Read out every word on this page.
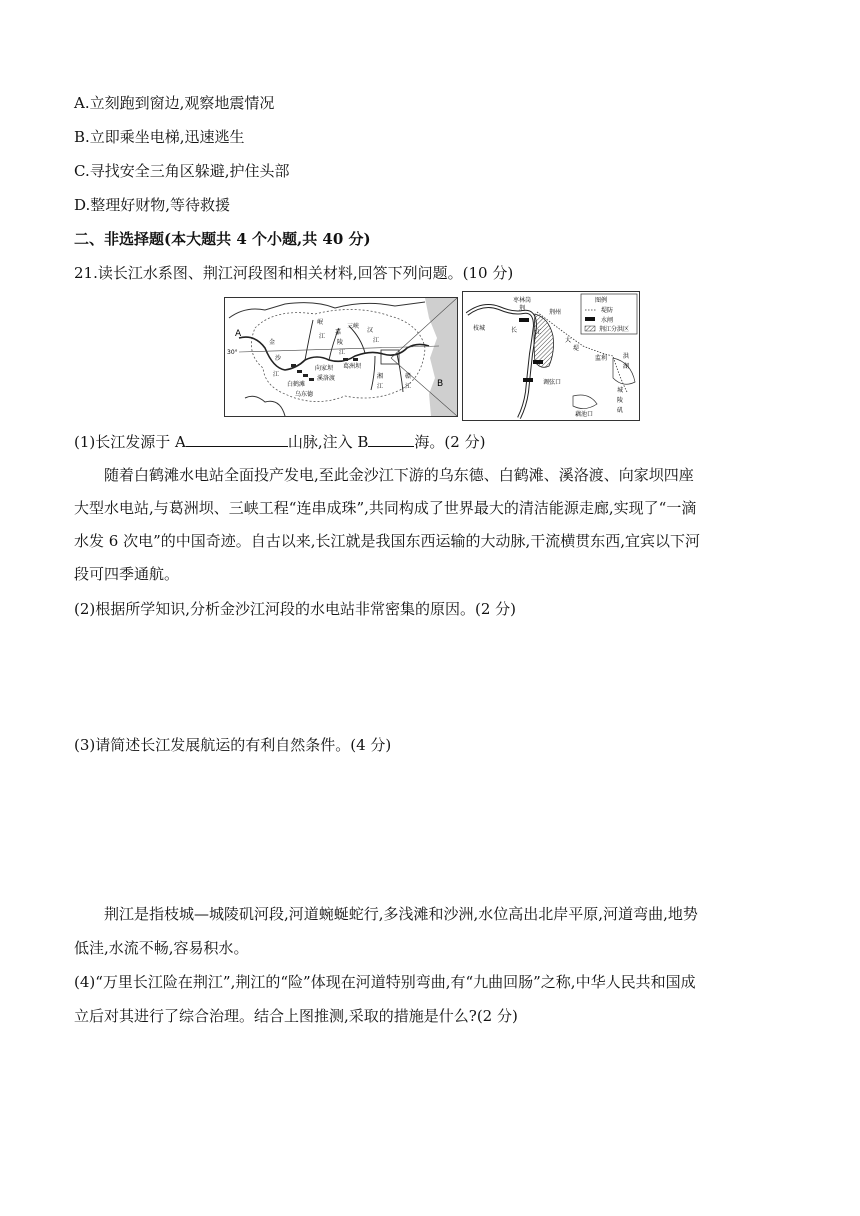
A.立刻跑到窗边,观察地震情况
B.立即乘坐电梯,迅速逃生
C.寻找安全三角区躲避,护住头部
D.整理好财物,等待救援
二、非选择题(本大题共 4 个小题,共 40 分)
21.读长江水系图、荆江河段图和相关材料,回答下列问题。(10 分)
A
B
30°
金
沙
江
岷
江
嘉
陵
江
三峡
葛洲坝
向家坝
溪洛渡
白鹤滩
乌东德
汉
江
湘
江
赣
江
图例
堤防
水闸
荆江分洪区
枣林岗
荆
荆州
长	江
枝城
大
堤
监利	洪
湖
藕池口
城
陵
矶
调弦口
(1)长江发源于 A	山脉,注入 B	海。(2 分)
随着白鹤滩水电站全面投产发电,至此金沙江下游的乌东德、白鹤滩、溪洛渡、向家坝四座
大型水电站,与葛洲坝、三峡工程“连串成珠”,共同构成了世界最大的清洁能源走廊,实现了“一滴
水发 6 次电”的中国奇迹。自古以来,长江就是我国东西运输的大动脉,干流横贯东西,宜宾以下河
段可四季通航。
(2)根据所学知识,分析金沙江河段的水电站非常密集的原因。(2 分)
(3)请简述长江发展航运的有利自然条件。(4 分)
荆江是指枝城—城陵矶河段,河道蜿蜒蛇行,多浅滩和沙洲,水位高出北岸平原,河道弯曲,地势
低洼,水流不畅,容易积水。
(4)“万里长江险在荆江”,荆江的“险”体现在河道特别弯曲,有“九曲回肠”之称,中华人民共和国成
立后对其进行了综合治理。结合上图推测,采取的措施是什么?(2 分)
